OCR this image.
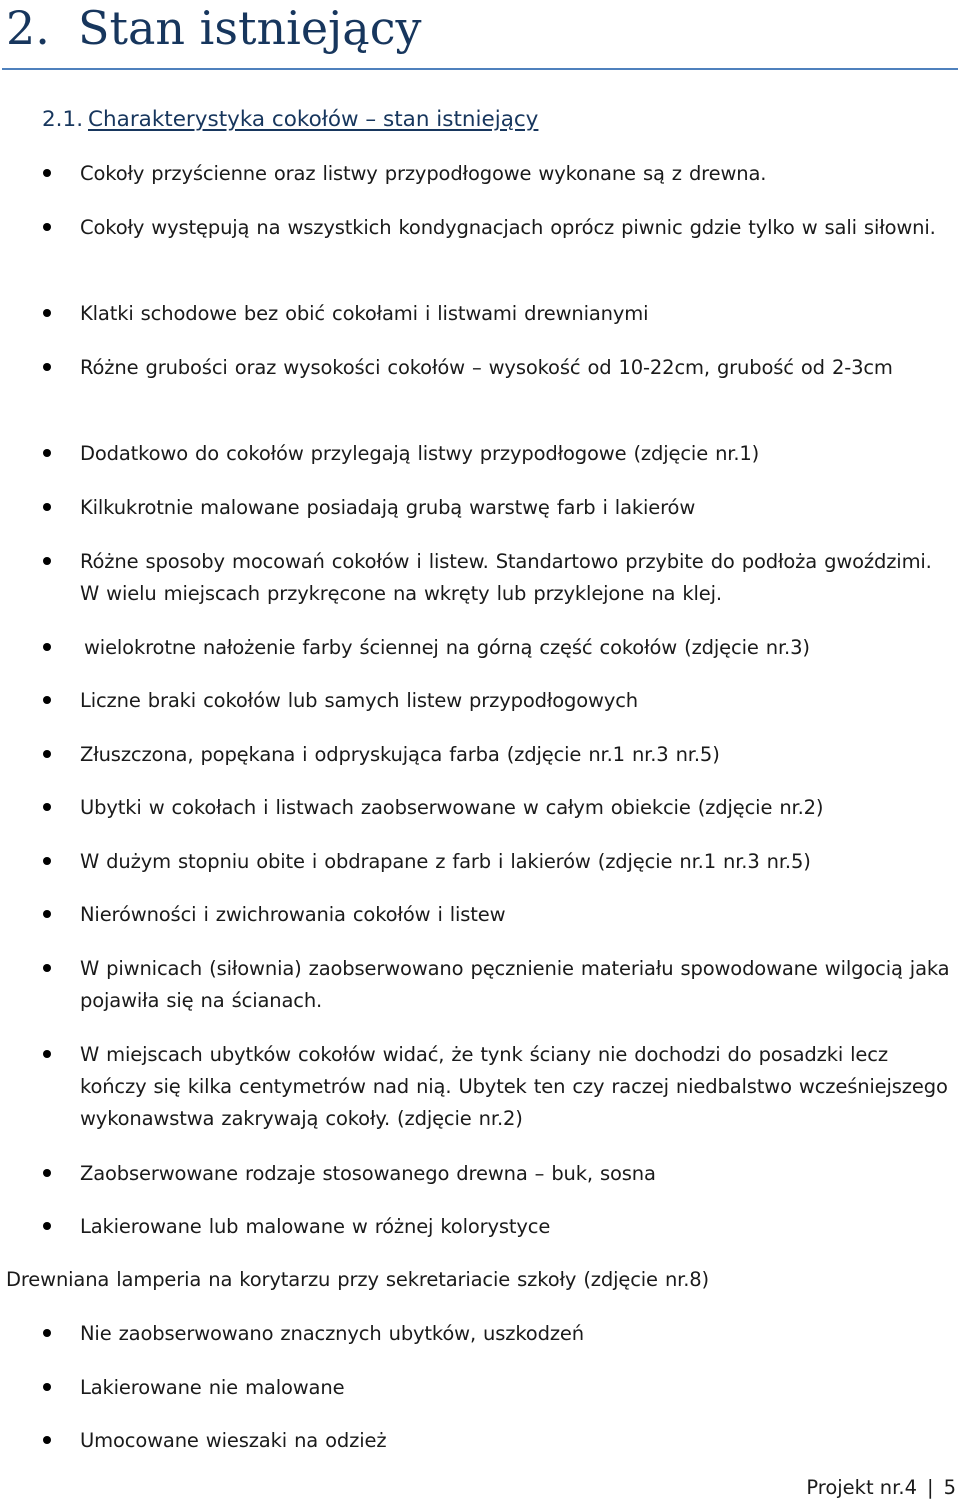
2. Stan istniejący
2.1. Charakterystyka cokołów – stan istniejący
Cokoły przyścienne oraz listwy przypodłogowe wykonane są z drewna.
Cokoły występują na wszystkich kondygnacjach oprócz piwnic gdzie tylko w sali siłowni.
Klatki schodowe bez obić cokołami i listwami drewnianymi
Różne grubości oraz wysokości cokołów – wysokość od 10-22cm, grubość od 2-3cm
Dodatkowo do cokołów przylegają listwy przypodłogowe (zdjęcie nr.1)
Kilkukrotnie malowane posiadają grubą warstwę farb i lakierów
Różne sposoby mocowań cokołów i listew. Standartowo przybite do podłoża gwoździmi. W wielu miejscach przykręcone na wkręty lub przyklejone na klej.
wielokrotne nałożenie farby ściennej na górną część cokołów (zdjęcie nr.3)
Liczne braki cokołów lub samych listew przypodłogowych
Złuszczona, popękana i odpryskująca farba (zdjęcie nr.1 nr.3 nr.5)
Ubytki w cokołach i listwach zaobserwowane w całym obiekcie (zdjęcie nr.2)
W dużym stopniu obite i obdrapane z farb i lakierów (zdjęcie nr.1 nr.3 nr.5)
Nierówności i zwichrowania cokołów i listew
W piwnicach (siłownia) zaobserwowano pęcznienie materiału spowodowane wilgocią jaka pojawiła się na ścianach.
W miejscach ubytków cokołów widać, że tynk ściany nie dochodzi do posadzki lecz kończy się kilka centymetrów nad nią. Ubytek ten czy raczej niedbalstwo wcześniejszego wykonawstwa zakrywają cokoły. (zdjęcie nr.2)
Zaobserwowane rodzaje stosowanego drewna – buk, sosna
Lakierowane lub malowane w różnej kolorystyce
Drewniana lamperia na korytarzu przy sekretariacie szkoły (zdjęcie nr.8)
Nie zaobserwowano znacznych ubytków, uszkodzeń
Lakierowane nie malowane
Umocowane wieszaki na odzież
Projekt nr.4 | 5
